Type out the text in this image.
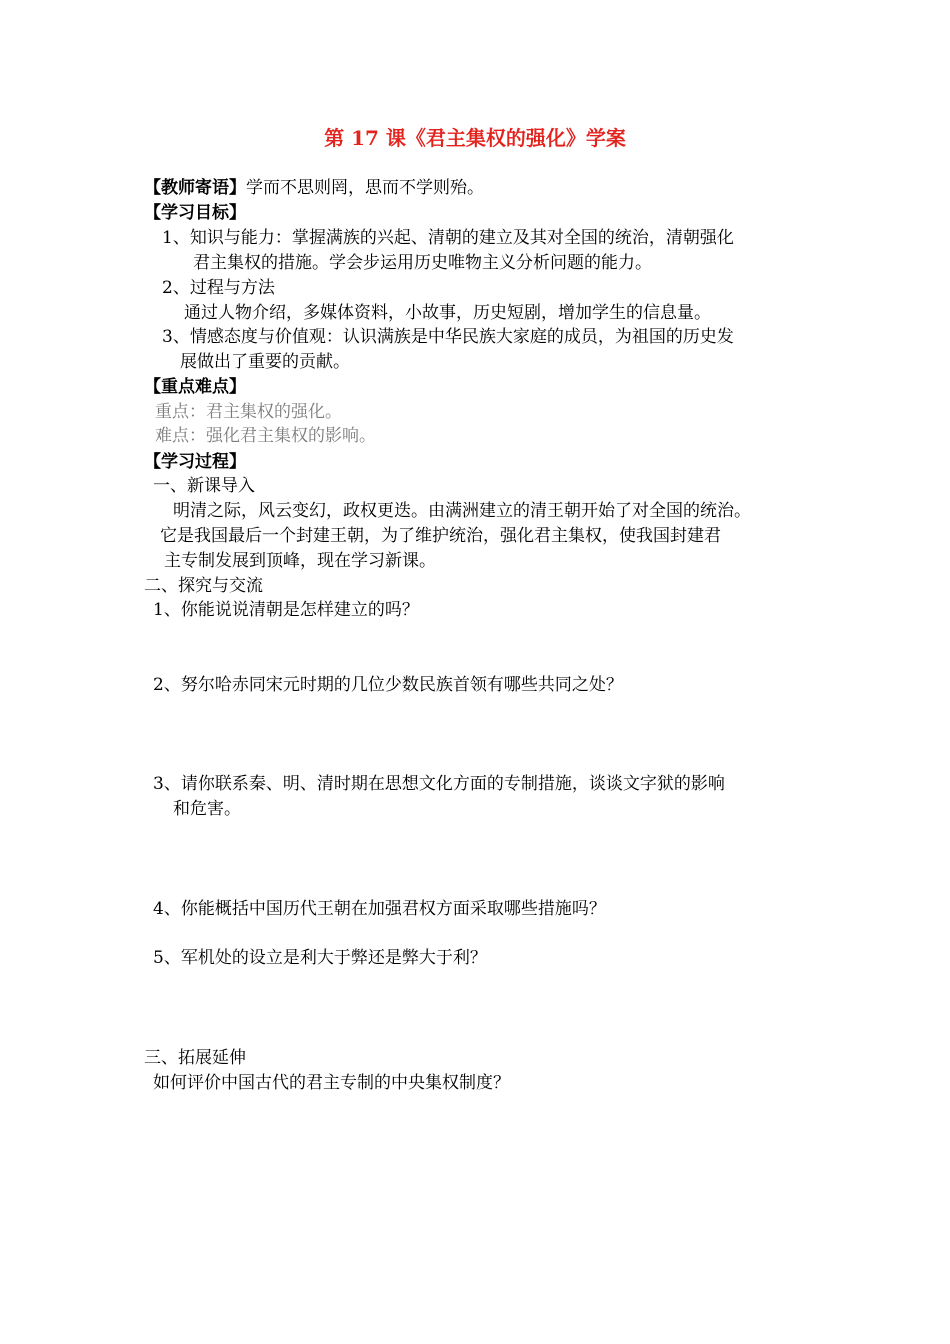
第 17 课《君主集权的强化》学案
【教师寄语】学而不思则罔，思而不学则殆。
【学习目标】
1、知识与能力：掌握满族的兴起、清朝的建立及其对全国的统治，清朝强化
君主集权的措施。学会步运用历史唯物主义分析问题的能力。
2、过程与方法
通过人物介绍，多媒体资料，小故事，历史短剧，增加学生的信息量。
3、情感态度与价值观：认识满族是中华民族大家庭的成员，为祖国的历史发
展做出了重要的贡献。
【重点难点】
重点：君主集权的强化。
难点：强化君主集权的影响。
【学习过程】
一、新课导入
明清之际，风云变幻，政权更迭。由满洲建立的清王朝开始了对全国的统治。
它是我国最后一个封建王朝，为了维护统治，强化君主集权，使我国封建君
主专制发展到顶峰，现在学习新课。
二、探究与交流
1、你能说说清朝是怎样建立的吗？
2、努尔哈赤同宋元时期的几位少数民族首领有哪些共同之处？
3、请你联系秦、明、清时期在思想文化方面的专制措施，谈谈文字狱的影响
和危害。
4、你能概括中国历代王朝在加强君权方面采取哪些措施吗？
5、军机处的设立是利大于弊还是弊大于利？
三、拓展延伸
如何评价中国古代的君主专制的中央集权制度？
